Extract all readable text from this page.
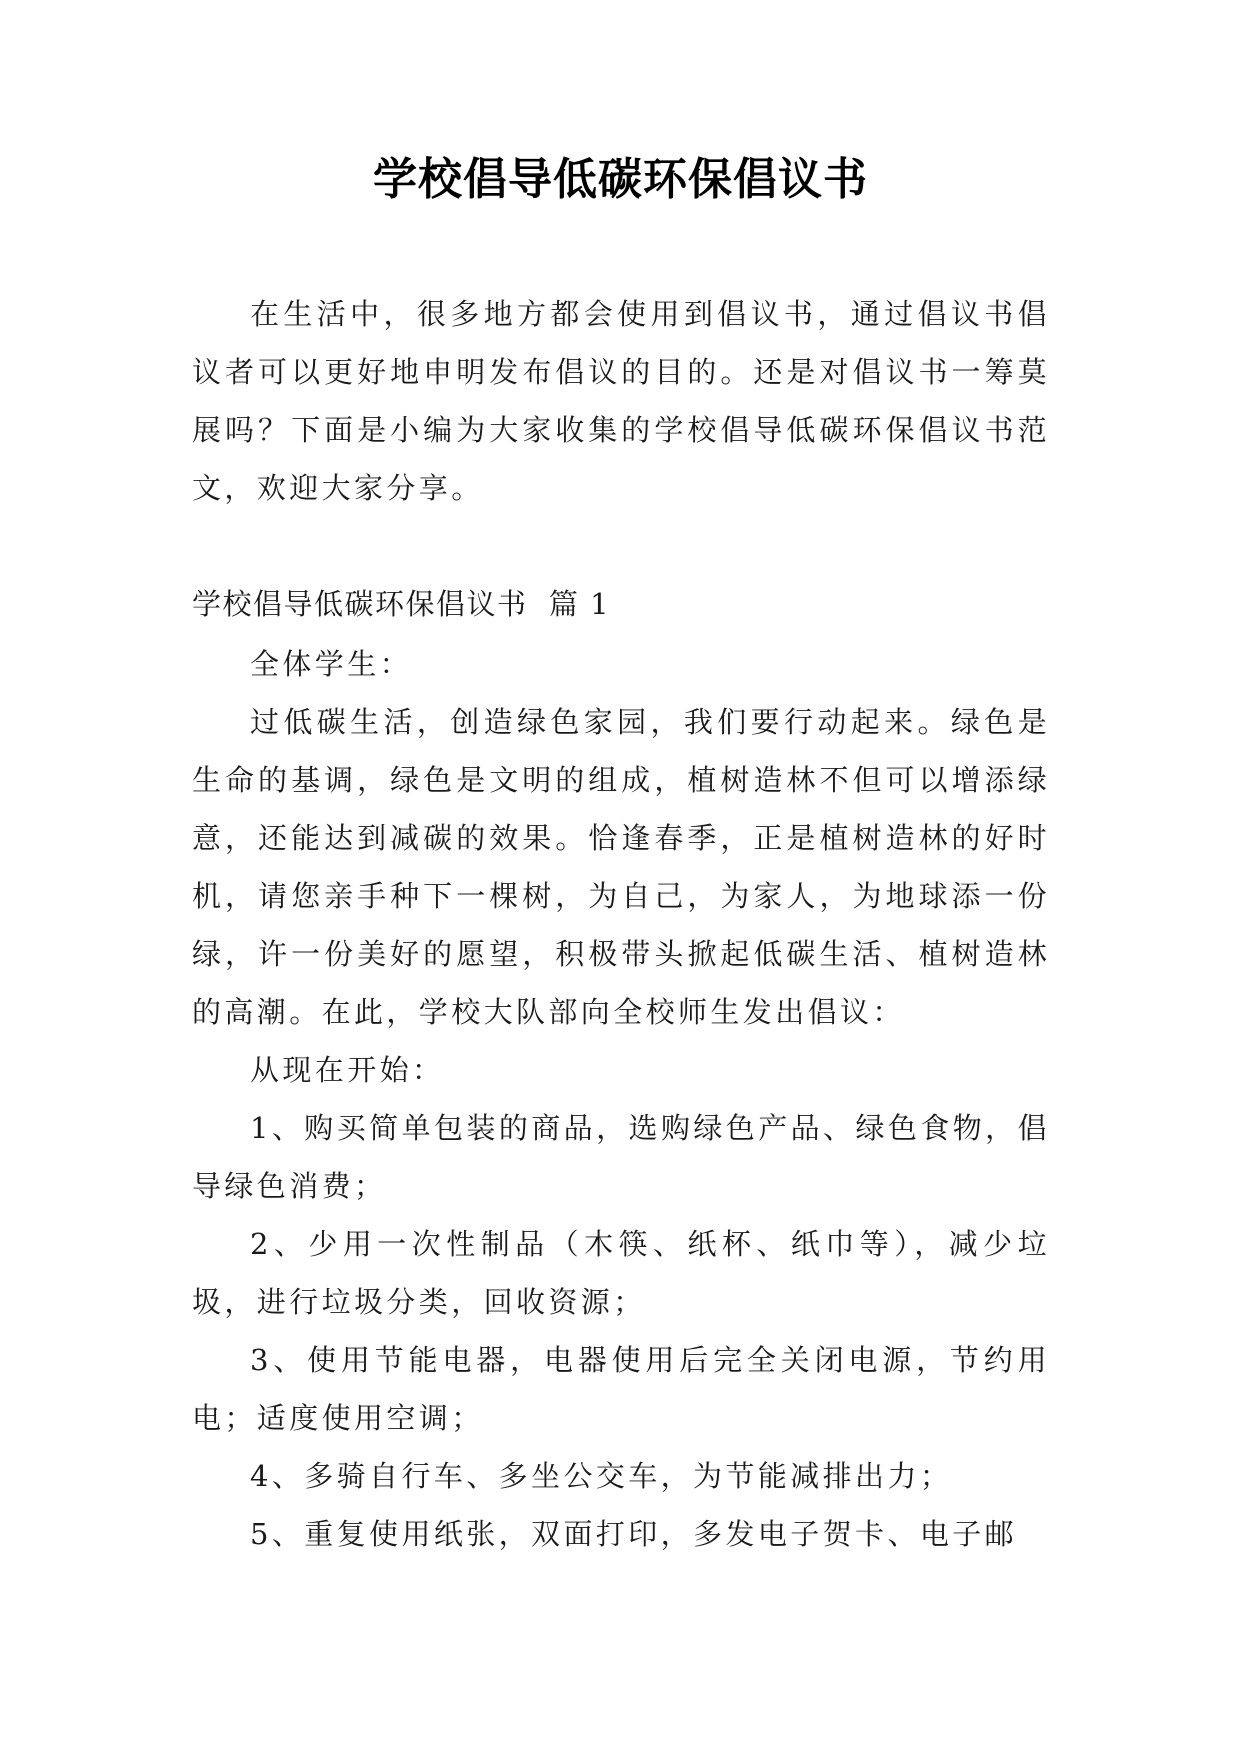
学校倡导低碳环保倡议书

在生活中，很多地方都会使用到倡议书，通过倡议书倡议者可以更好地申明发布倡议的目的。还是对倡议书一筹莫展吗？下面是小编为大家收集的学校倡导低碳环保倡议书范文，欢迎大家分享。

学校倡导低碳环保倡议书  篇 1

全体学生：

过低碳生活，创造绿色家园，我们要行动起来。绿色是生命的基调，绿色是文明的组成，植树造林不但可以增添绿意，还能达到减碳的效果。恰逢春季，正是植树造林的好时机，请您亲手种下一棵树，为自己，为家人，为地球添一份绿，许一份美好的愿望，积极带头掀起低碳生活、植树造林的高潮。在此，学校大队部向全校师生发出倡议：

从现在开始：

1、购买简单包装的商品，选购绿色产品、绿色食物，倡导绿色消费；

2、少用一次性制品（木筷、纸杯、纸巾等），减少垃圾，进行垃圾分类，回收资源；

3、使用节能电器，电器使用后完全关闭电源，节约用电；适度使用空调；

4、多骑自行车、多坐公交车，为节能减排出力；

5、重复使用纸张，双面打印，多发电子贺卡、电子邮
